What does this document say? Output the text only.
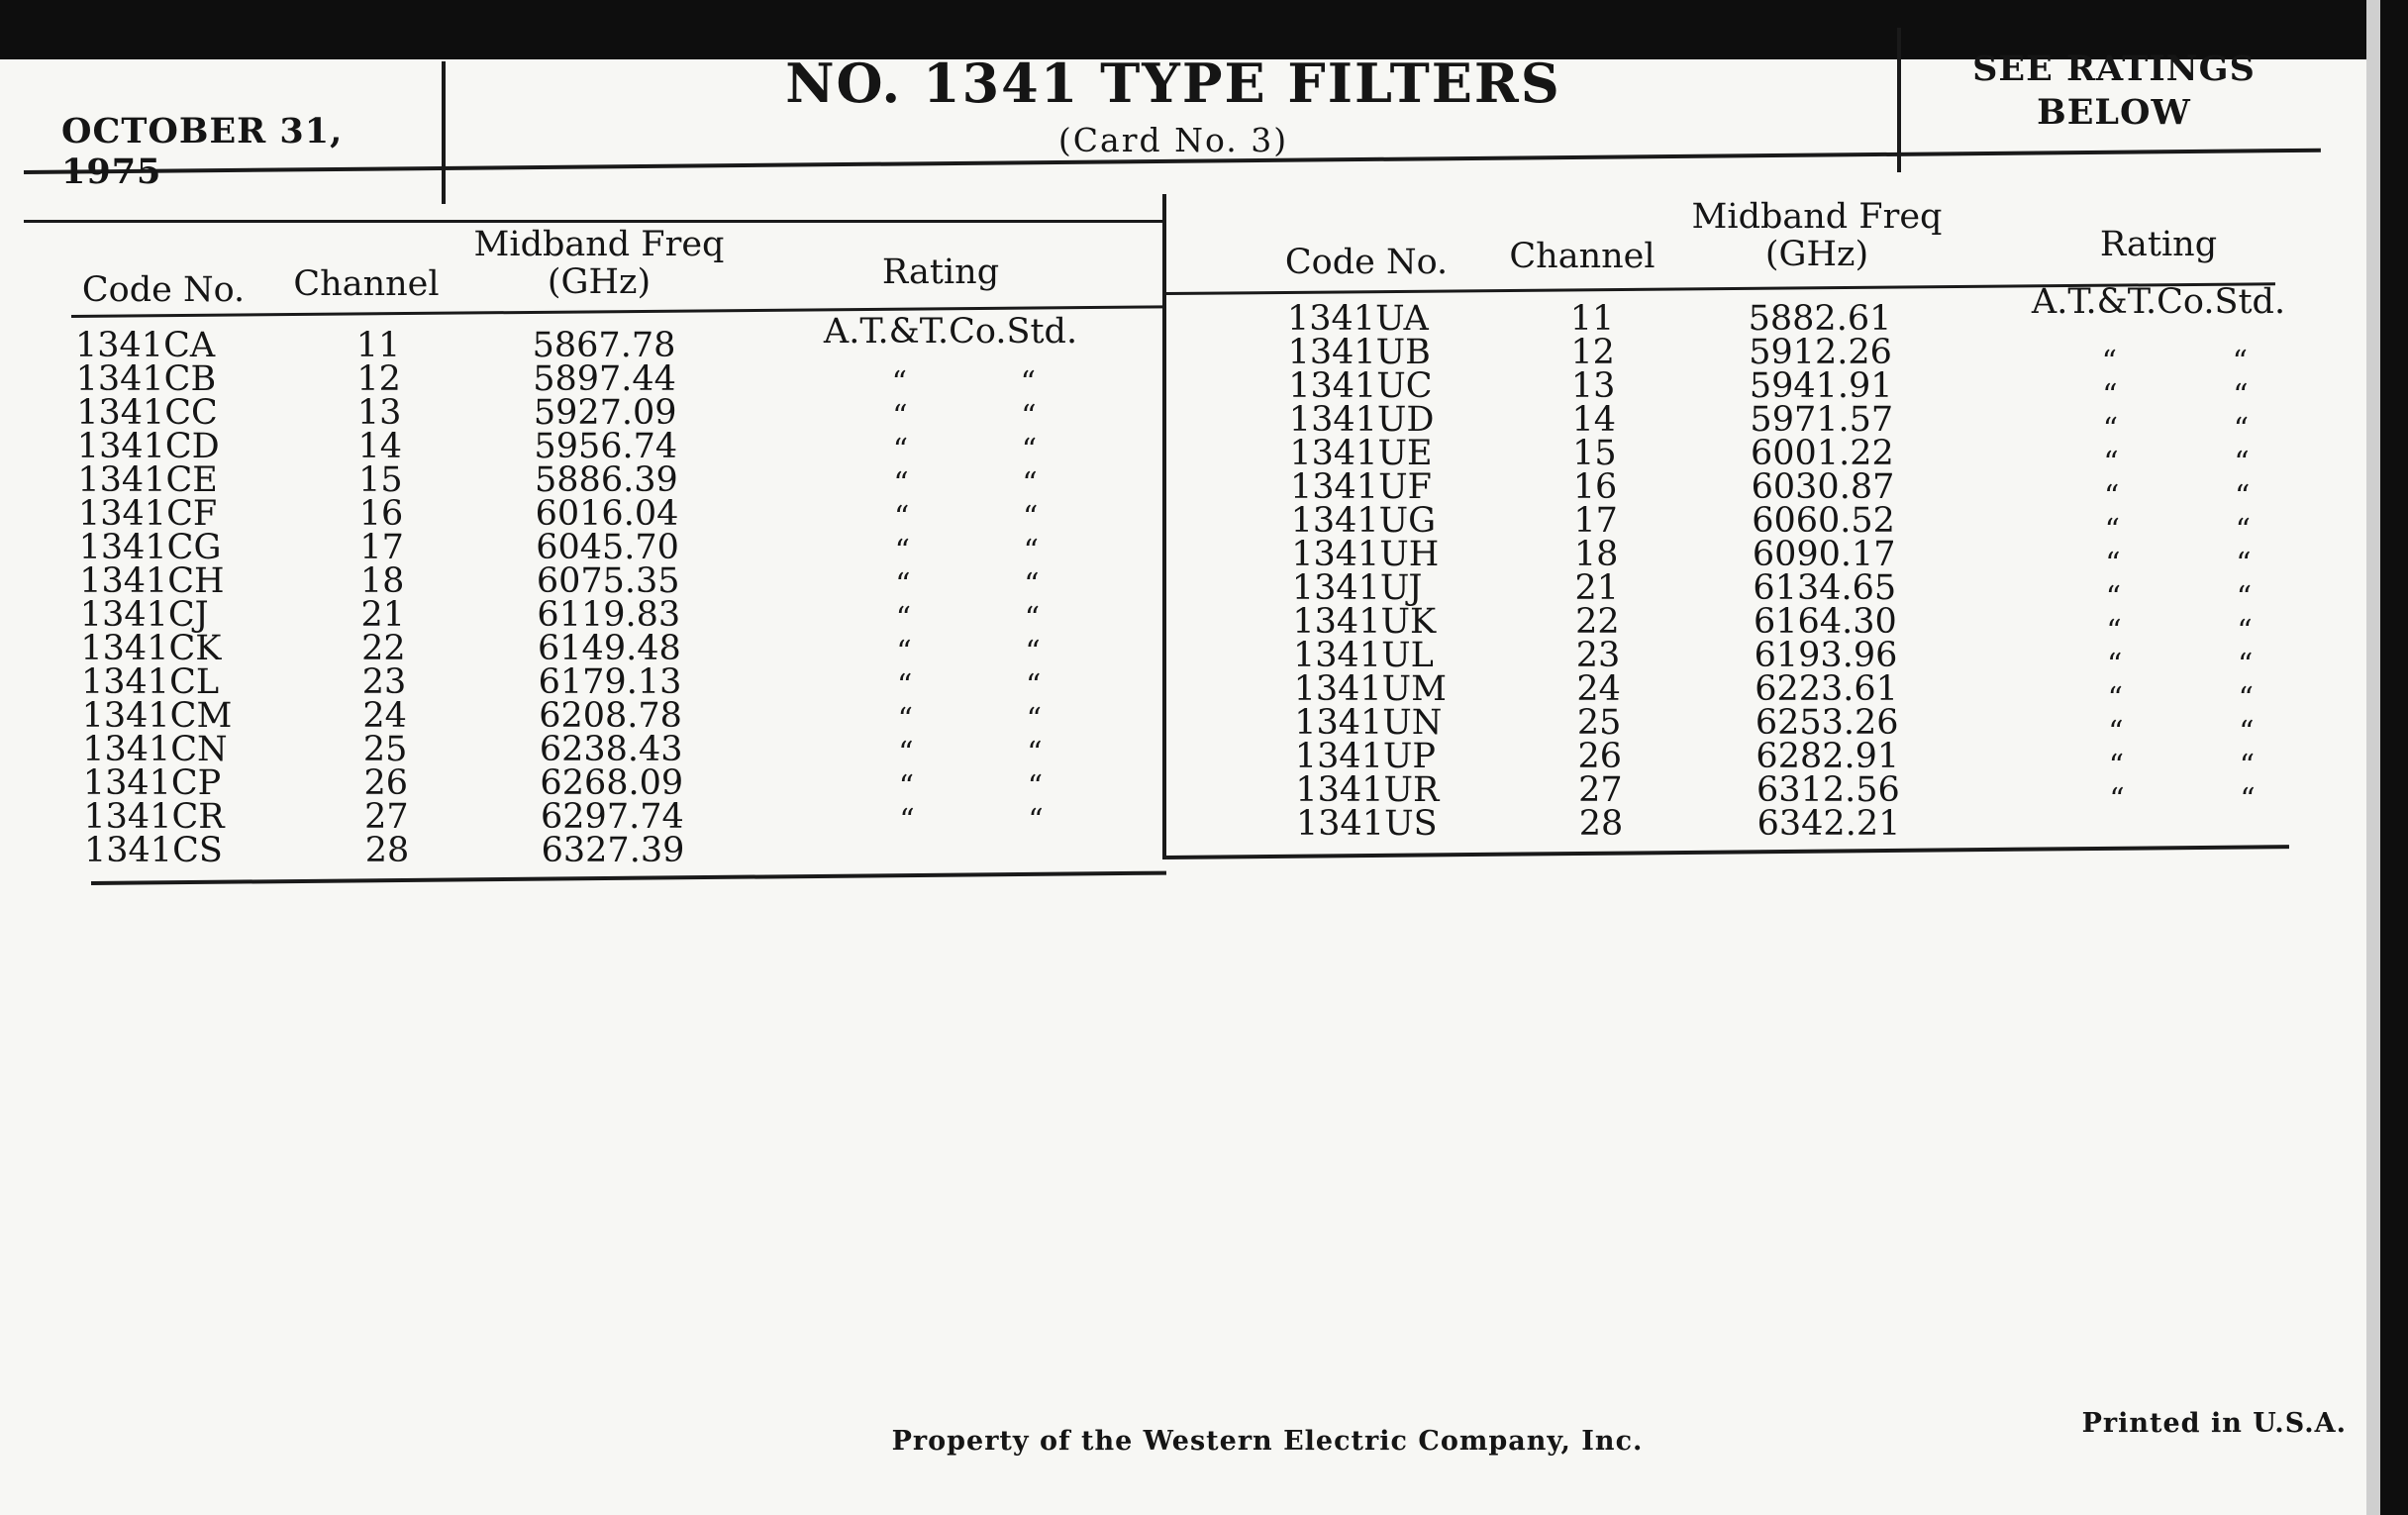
OCTOBER 31, 1975
NO. 1341 TYPE FILTERS
(Card No. 3)
SEE RATINGS
BELOW
Code No.	Channel
Midband Freq
(GHz)	Rating	Code No.	Channel
Midband Freq
(GHz)	Rating
A.T.&T.Co.Std.
A.T.&T.Co.Std.
1341CA	11	5867.78
1341CB	12	5897.44	“	“
1341CC	13	5927.09	“	“
1341CD	14	5956.74	“	“
1341CE	15	5886.39	“	“
1341CF	16	6016.04	“	“
1341CG	17	6045.70	“	“
1341CH	18	6075.35	“	“
1341CJ	21	6119.83	“	“
1341CK	22	6149.48	“	“
1341CL	23	6179.13	“	“
1341CM	24	6208.78	“	“
1341CN	25	6238.43	“	“
1341CP	26	6268.09	“	“
1341CR	27	6297.74	“	“
1341CS	28	6327.39
1341UA	11	5882.61
1341UB	12	5912.26	“	“
1341UC	13	5941.91	“	“
1341UD	14	5971.57	“	“
1341UE	15	6001.22	“	“
1341UF	16	6030.87	“	“
1341UG	17	6060.52	“	“
1341UH	18	6090.17	“	“
1341UJ	21	6134.65	“	“
1341UK	22	6164.30	“	“
1341UL	23	6193.96	“	“
1341UM	24	6223.61	“	“
1341UN	25	6253.26	“	“
1341UP	26	6282.91	“	“
1341UR	27	6312.56	“	“
1341US	28	6342.21
Property of the Western Electric Company, Inc.
Printed in U.S.A.
